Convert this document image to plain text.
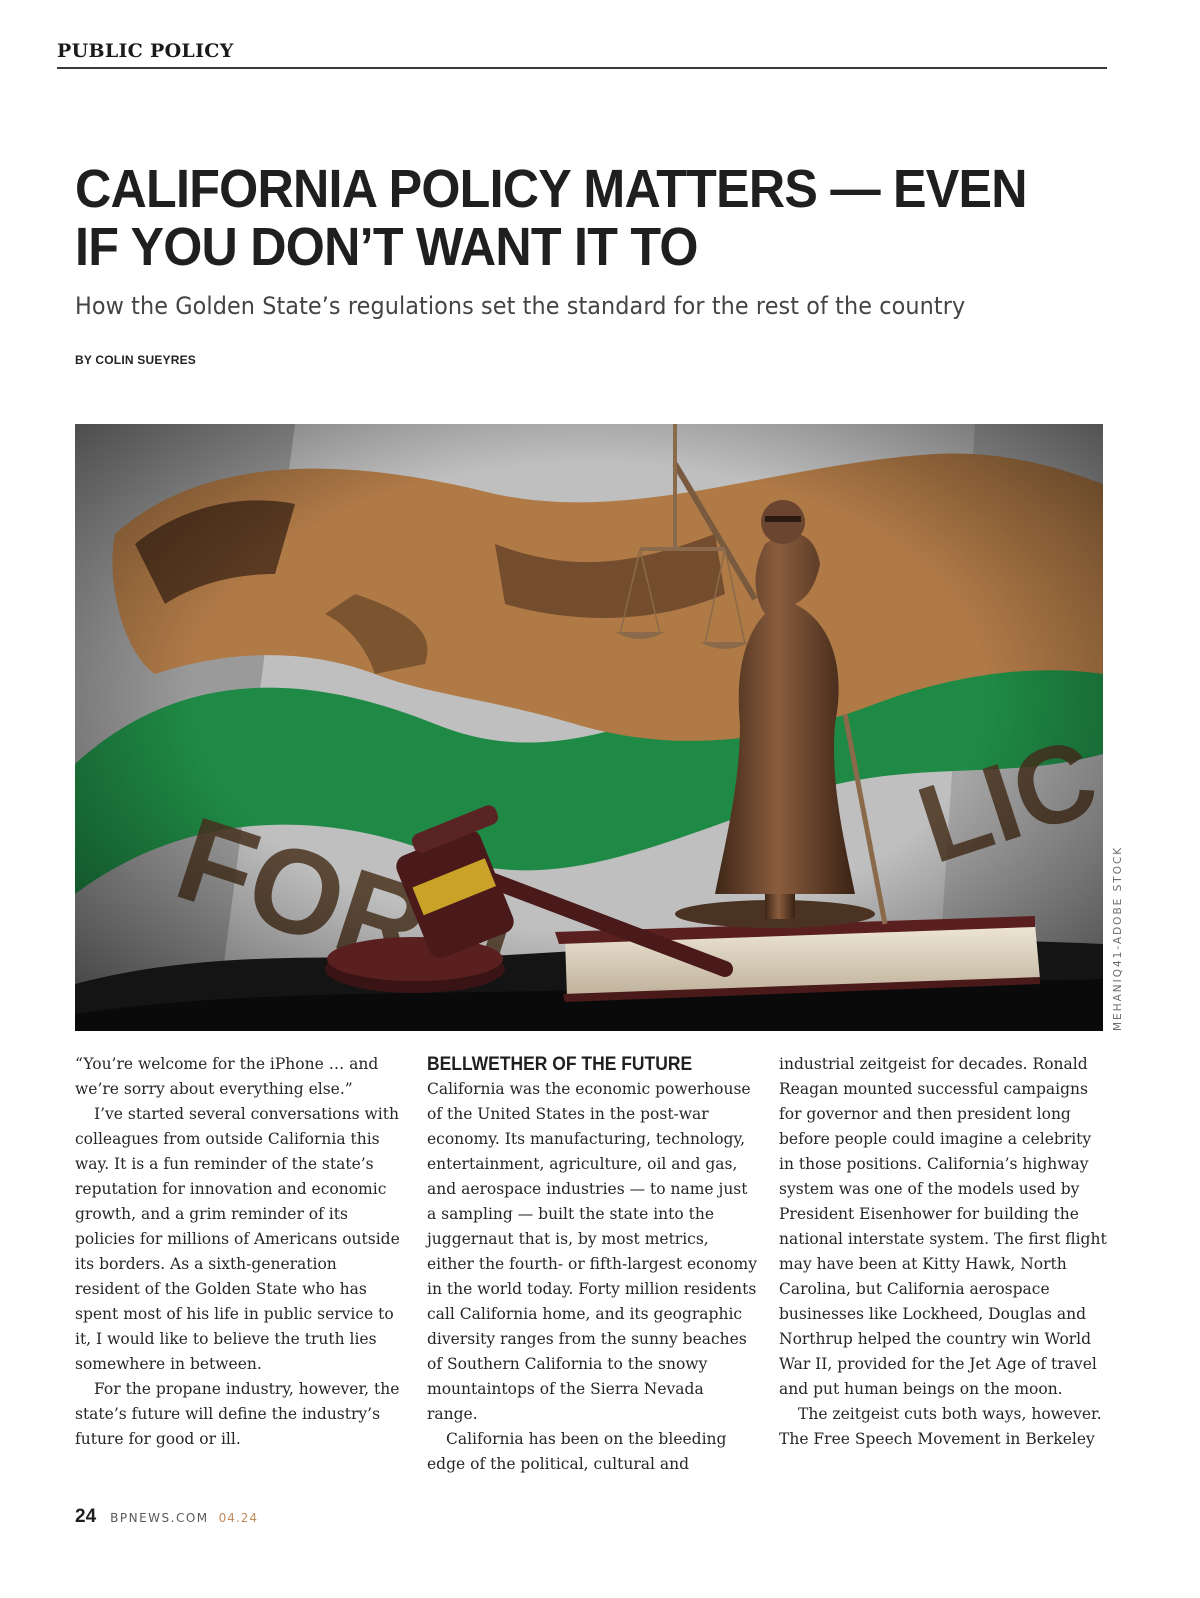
PUBLIC POLICY
CALIFORNIA POLICY MATTERS — EVEN
IF YOU DON’T WANT IT TO
How the Golden State’s regulations set the standard for the rest of the country
BY COLIN SUEYRES
MEHANIQ41-ADOBE STOCK

“You’re welcome for the iPhone … and we’re sorry about everything else.”

I’ve started several conversations with colleagues from outside California this way. It is a fun reminder of the state’s reputation for innovation and economic growth, and a grim reminder of its policies for millions of Americans outside its borders. As a sixth-generation resident of the Golden State who has spent most of his life in public service to it, I would like to believe the truth lies somewhere in between.

For the propane industry, however, the state’s future will define the industry’s future for good or ill.

BELLWETHER OF THE FUTURE

California was the economic powerhouse of the United States in the post-war economy. Its manufacturing, technology, entertainment, agriculture, oil and gas, and aerospace industries — to name just a sampling — built the state into the juggernaut that is, by most metrics, either the fourth- or fifth-largest economy in the world today. Forty million residents call California home, and its geographic diversity ranges from the sunny beaches of Southern California to the snowy mountaintops of the Sierra Nevada range.

California has been on the bleeding edge of the political, cultural and

industrial zeitgeist for decades. Ronald Reagan mounted successful campaigns for governor and then president long before people could imagine a celebrity in those positions. California’s highway system was one of the models used by President Eisenhower for building the national interstate system. The first flight may have been at Kitty Hawk, North Carolina, but California aerospace businesses like Lockheed, Douglas and Northrup helped the country win World War II, provided for the Jet Age of travel and put human beings on the moon.

The zeitgeist cuts both ways, however. The Free Speech Movement in Berkeley

24 BPNEWS.COM 04.24
